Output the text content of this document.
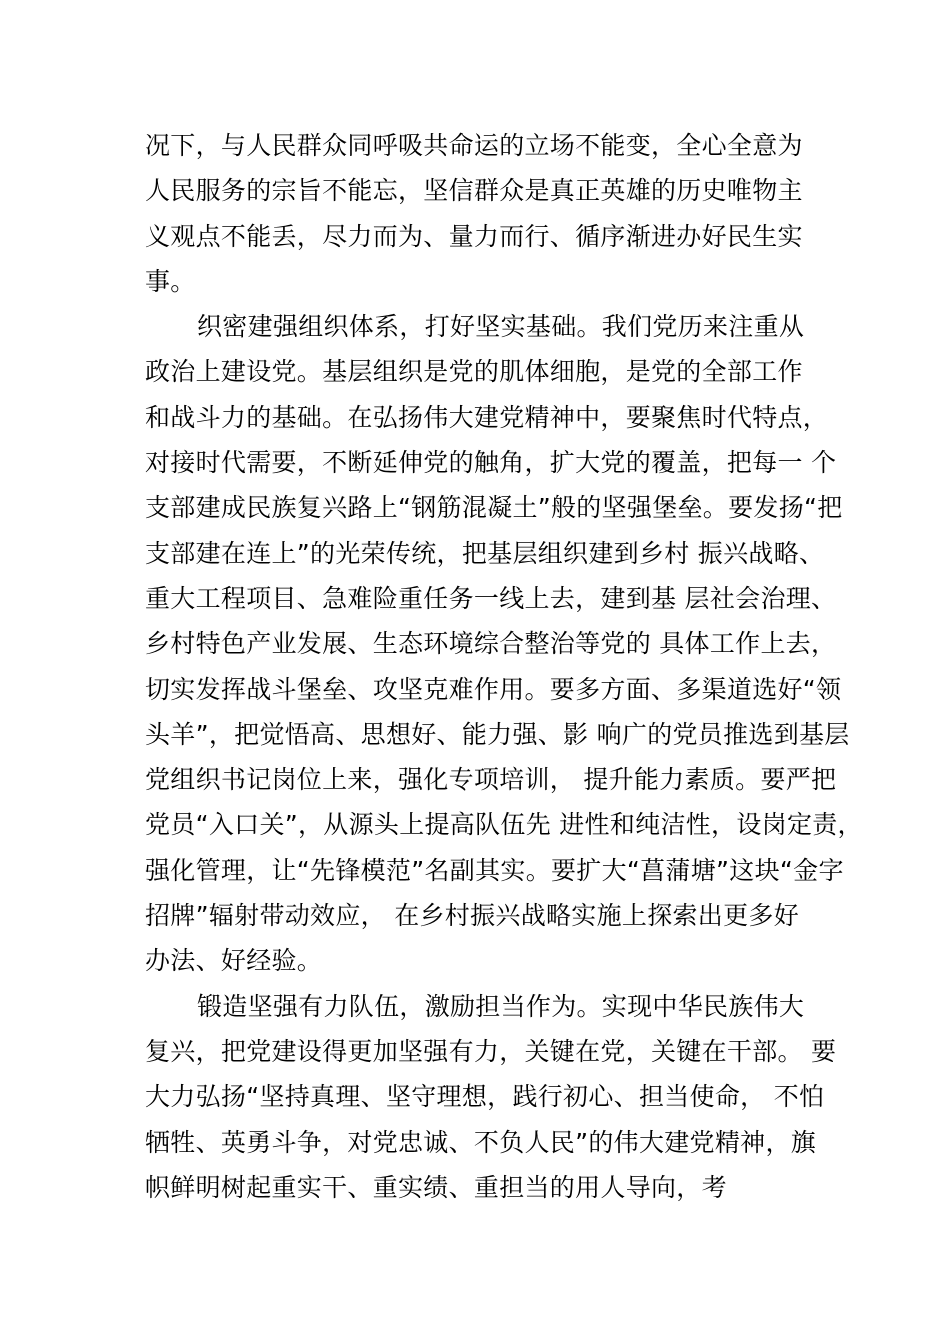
况下，与人民群众同呼吸共命运的立场不能变，全心全意为
人民服务的宗旨不能忘，坚信群众是真正英雄的历史唯物主
义观点不能丢，尽力而为、量力而行、循序渐进办好民生实
事。
织密建强组织体系，打好坚实基础。我们党历来注重从
政治上建设党。基层组织是党的肌体细胞，是党的全部工作
和战斗力的基础。在弘扬伟大建党精神中，要聚焦时代特点，
对接时代需要，不断延伸党的触角，扩大党的覆盖，把每一 个
支部建成民族复兴路上“钢筋混凝土”般的坚强堡垒。要发扬“把
支部建在连上”的光荣传统，把基层组织建到乡村 振兴战略、
重大工程项目、急难险重任务一线上去，建到基 层社会治理、
乡村特色产业发展、生态环境综合整治等党的 具体工作上去，
切实发挥战斗堡垒、攻坚克难作用。要多方面、多渠道选好“领
头羊”，把觉悟高、思想好、能力强、影 响广的党员推选到基层
党组织书记岗位上来，强化专项培训， 提升能力素质。要严把
党员“入口关”，从源头上提高队伍先 进性和纯洁性，设岗定责，
强化管理，让“先锋模范”名副其实。要扩大“菖蒲塘”这块“金字
招牌”辐射带动效应， 在乡村振兴战略实施上探索出更多好
办法、好经验。
锻造坚强有力队伍，激励担当作为。实现中华民族伟大
复兴，把党建设得更加坚强有力，关键在党，关键在干部。 要
大力弘扬“坚持真理、坚守理想，践行初心、担当使命， 不怕
牺牲、英勇斗争，对党忠诚、不负人民”的伟大建党精神，旗
帜鲜明树起重实干、重实绩、重担当的用人导向，考
